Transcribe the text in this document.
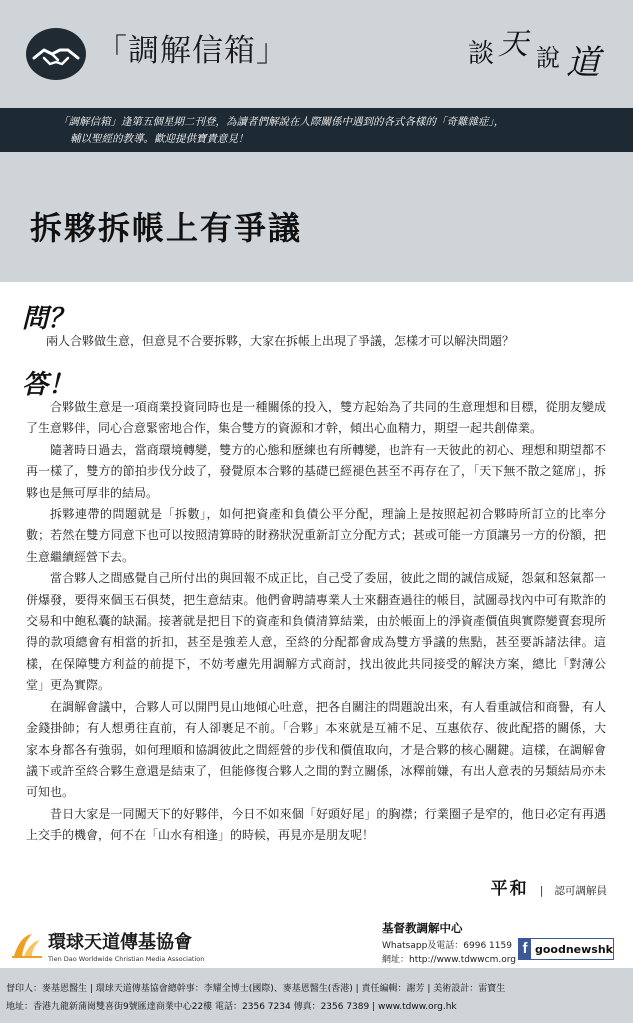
「調解信箱」	談 天 說 道
「調解信箱」逢第五個星期二刊登，為讀者們解說在人際關係中遇到的各式各樣的「奇難雜症」，
輔以聖經的教導。歡迎提供寶貴意見！
拆夥拆帳上有爭議
問？
兩人合夥做生意，但意見不合要拆夥，大家在拆帳上出現了爭議，怎樣才可以解決問題？
答！

合夥做生意是一項商業投資同時也是一種關係的投入，雙方起始為了共同的生意理想和目標，從朋友變成了生意夥伴，同心合意緊密地合作，集合雙方的資源和才幹，傾出心血精力，期望一起共創偉業。

隨著時日過去，當商環境轉變，雙方的心態和歷練也有所轉變，也許有一天彼此的初心、理想和期望都不再一樣了，雙方的節拍步伐分歧了，發覺原本合夥的基礎已經褪色甚至不再存在了，「天下無不散之筵席」，拆夥也是無可厚非的結局。

拆夥連帶的問題就是「拆數」，如何把資產和負債公平分配，理論上是按照起初合夥時所訂立的比率分數；若然在雙方同意下也可以按照清算時的財務狀況重新訂立分配方式；甚或可能一方頂讓另一方的份額，把生意繼續經營下去。

當合夥人之間感覺自己所付出的與回報不成正比，自己受了委屈，彼此之間的誠信成疑，怨氣和怒氣都一併爆發，要得來個玉石俱焚，把生意結束。他們會聘請專業人士來翻查過往的帳目，試圖尋找內中可有欺詐的交易和中飽私囊的缺漏。接著就是把目下的資產和負債清算結業，由於帳面上的淨資產價值與實際變賣套現所得的款項總會有相當的折扣，甚至是強差人意，至終的分配都會成為雙方爭議的焦點，甚至要訴諸法律。這樣，在保障雙方利益的前提下，不妨考慮先用調解方式商討，找出彼此共同接受的解決方案，總比「對薄公堂」更為實際。

在調解會議中，合夥人可以開門見山地傾心吐意，把各自關注的問題說出來，有人看重誠信和商譽，有人金錢掛帥；有人想勇往直前，有人卻裹足不前。「合夥」本來就是互補不足、互惠依存、彼此配搭的關係，大家本身都各有強弱，如何理順和協調彼此之間經營的步伐和價值取向，才是合夥的核心關鍵。這樣，在調解會議下或許至終合夥生意還是結束了，但能修復合夥人之間的對立關係，冰釋前嫌，有出人意表的另類結局亦未可知也。

昔日大家是一同闖天下的好夥伴，今日不如來個「好頭好尾」的胸襟；行業圈子是窄的，他日必定有再遇上交手的機會，何不在「山水有相逢」的時候，再見亦是朋友呢！

平和 | 認可調解員
環球天道傳基協會
Tien Dao Worldwide Christian Media Association
基督教調解中心
Whatsapp及電話：6996 1159
網址：http://www.tdwwcm.org
f goodnewshk
督印人：麥基恩醫生 | 環球天道傳基協會總幹事：李耀全博士(國際)、麥基恩醫生(香港) | 責任編輯：謝芳 | 美術設計：雷寶生
地址：香港九龍新蒲崗雙喜街9號匯達商業中心22樓 電話：2356 7234 傳真：2356 7389 | www.tdww.org.hk
